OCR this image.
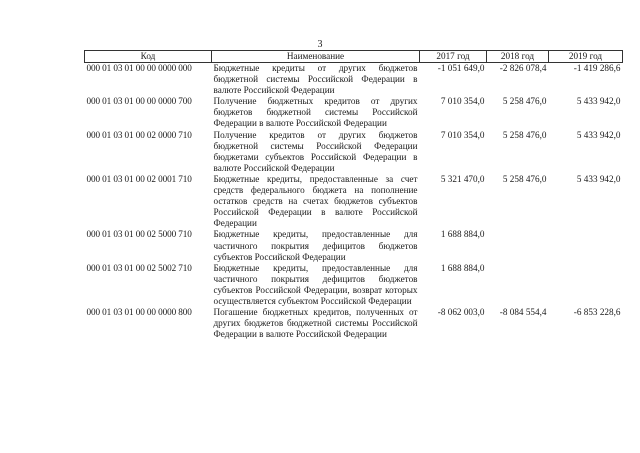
3
Код	Наименование	2017 год	2018 год	2019 год
000 01 03 01 00 00 0000 000	Бюджетные кредиты от других бюджетов бюджетной системы Российской Федерации в валюте Российской Федерации	-1 051 649,0	-2 826 078,4	-1 419 286,6
000 01 03 01 00 00 0000 700	Получение бюджетных кредитов от других бюджетов бюджетной системы Российской Федерации в валюте Российской Федерации	7 010 354,0	5 258 476,0	5 433 942,0
000 01 03 01 00 02 0000 710	Получение кредитов от других бюджетов бюджетной системы Российской Федерации бюджетами субъектов Российской Федерации в валюте Российской Федерации	7 010 354,0	5 258 476,0	5 433 942,0
000 01 03 01 00 02 0001 710	Бюджетные кредиты, предоставленные за счет средств федерального бюджета на пополнение остатков средств на счетах бюджетов субъектов Российской Федерации в валюте Российской Федерации	5 321 470,0	5 258 476,0	5 433 942,0
000 01 03 01 00 02 5000 710	Бюджетные кредиты, предоставленные для частичного покрытия дефицитов бюджетов субъектов Российской Федерации	1 688 884,0		
000 01 03 01 00 02 5002 710	Бюджетные кредиты, предоставленные для частичного покрытия дефицитов бюджетов субъектов Российской Федерации, возврат которых осуществляется субъектом Российской Федерации	1 688 884,0		
000 01 03 01 00 00 0000 800	Погашение бюджетных кредитов, полученных от других бюджетов бюджетной системы Российской Федерации в валюте Российской Федерации	-8 062 003,0	-8 084 554,4	-6 853 228,6
